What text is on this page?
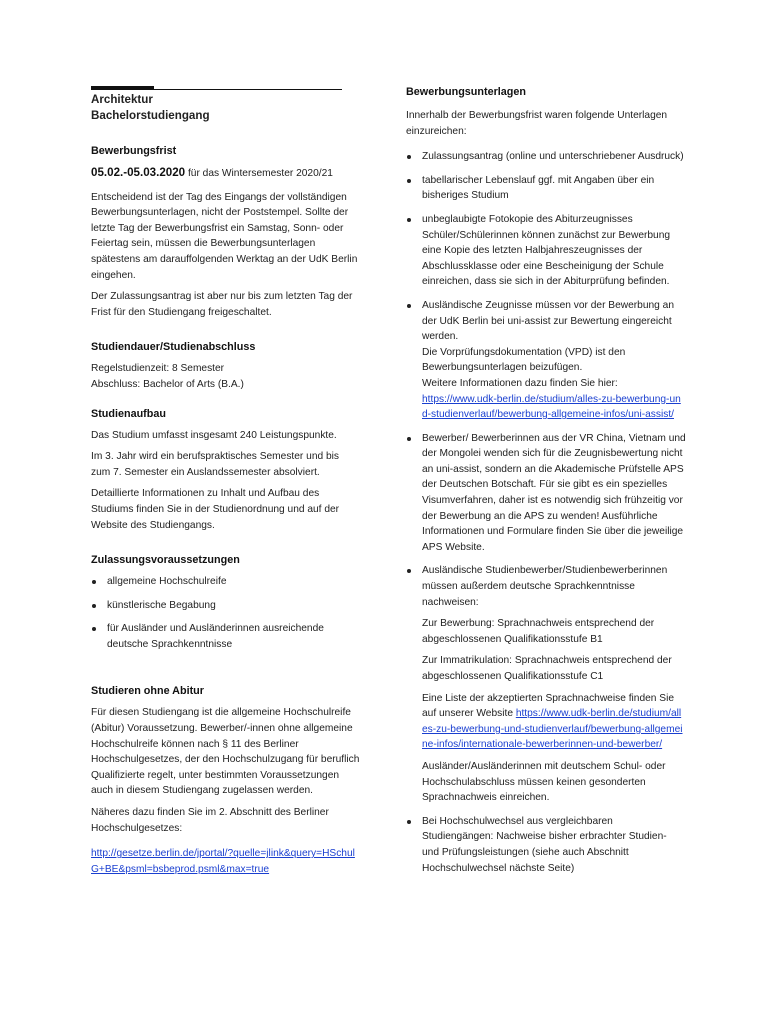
Architektur
Bachelorstudiengang
Bewerbungsfrist

05.02.-05.03.2020 für das Wintersemester 2020/21

Entscheidend ist der Tag des Eingangs der vollständigen Bewerbungsunterlagen, nicht der Poststempel. Sollte der letzte Tag der Bewerbungsfrist ein Samstag, Sonn- oder Feiertag sein, müssen die Bewerbungsunterlagen spätestens am darauffolgenden Werktag an der UdK Berlin eingehen.

Der Zulassungsantrag ist aber nur bis zum letzten Tag der Frist für den Studiengang freigeschaltet.

Studiendauer/Studienabschluss
Regelstudienzeit: 8 Semester
Abschluss: Bachelor of Arts (B.A.)
Studienaufbau

Das Studium umfasst insgesamt 240 Leistungspunkte.

Im 3. Jahr wird ein berufspraktisches Semester und bis zum 7. Semester ein Auslandssemester absolviert.

Detaillierte Informationen zu Inhalt und Aufbau des Studiums finden Sie in der Studienordnung und auf der Website des Studiengangs.

Zulassungsvoraussetzungen
allgemeine Hochschulreife
künstlerische Begabung
für Ausländer und Ausländerinnen ausreichende deutsche Sprachkenntnisse
Studieren ohne Abitur

Für diesen Studiengang ist die allgemeine Hochschulreife (Abitur) Voraussetzung. Bewerber/-innen ohne allgemeine Hochschulreife können nach § 11 des Berliner Hochschulgesetzes, der den Hochschulzugang für beruflich Qualifizierte regelt, unter bestimmten Voraussetzungen auch in diesem Studiengang zugelassen werden.

Näheres dazu finden Sie im 2. Abschnitt des Berliner Hochschulgesetzes:

http://gesetze.berlin.de/jportal/?quelle=jlink&query=HSchulG+BE&psml=bsbeprod.psml&max=true

Bewerbungsunterlagen

Innerhalb der Bewerbungsfrist waren folgende Unterlagen einzureichen:

Zulassungsantrag (online und unterschriebener Ausdruck)
tabellarischer Lebenslauf ggf. mit Angaben über ein bisheriges Studium
unbeglaubigte Fotokopie des Abiturzeugnisses Schüler/Schülerinnen können zunächst zur Bewerbung eine Kopie des letzten Halbjahreszeugnisses der Abschlussklasse oder eine Bescheinigung der Schule einreichen, dass sie sich in der Abiturprüfung befinden.
Ausländische Zeugnisse müssen vor der Bewerbung an der UdK Berlin bei uni-assist zur Bewertung eingereicht werden.
Die Vorprüfungsdokumentation (VPD) ist den Bewerbungsunterlagen beizufügen.
Weitere Informationen dazu finden Sie hier:
https://www.udk-berlin.de/studium/alles-zu-bewerbung-und-studienverlauf/bewerbung-allgemeine-infos/uni-assist/
Bewerber/ Bewerberinnen aus der VR China, Vietnam und der Mongolei wenden sich für die Zeugnisbewertung nicht an uni-assist, sondern an die Akademische Prüfstelle APS der Deutschen Botschaft. Für sie gibt es ein spezielles Visumverfahren, daher ist es notwendig sich frühzeitig vor der Bewerbung an die APS zu wenden! Ausführliche Informationen und Formulare finden Sie über die jeweilige APS Website.

Ausländische Studienbewerber/Studienbewerberinnen müssen außerdem deutsche Sprachkenntnisse nachweisen:

Zur Bewerbung: Sprachnachweis entsprechend der abgeschlossenen Qualifikationsstufe B1

Zur Immatrikulation: Sprachnachweis entsprechend der abgeschlossenen Qualifikationsstufe C1

Eine Liste der akzeptierten Sprachnachweise finden Sie auf unserer Website https://www.udk-berlin.de/studium/alles-zu-bewerbung-und-studienverlauf/bewerbung-allgemeine-infos/internationale-bewerberinnen-und-bewerber/

Ausländer/Ausländerinnen mit deutschem Schul- oder Hochschulabschluss müssen keinen gesonderten Sprachnachweis einreichen.

Bei Hochschulwechsel aus vergleichbaren Studiengängen: Nachweise bisher erbrachter Studien- und Prüfungsleistungen (siehe auch Abschnitt Hochschulwechsel nächste Seite)
